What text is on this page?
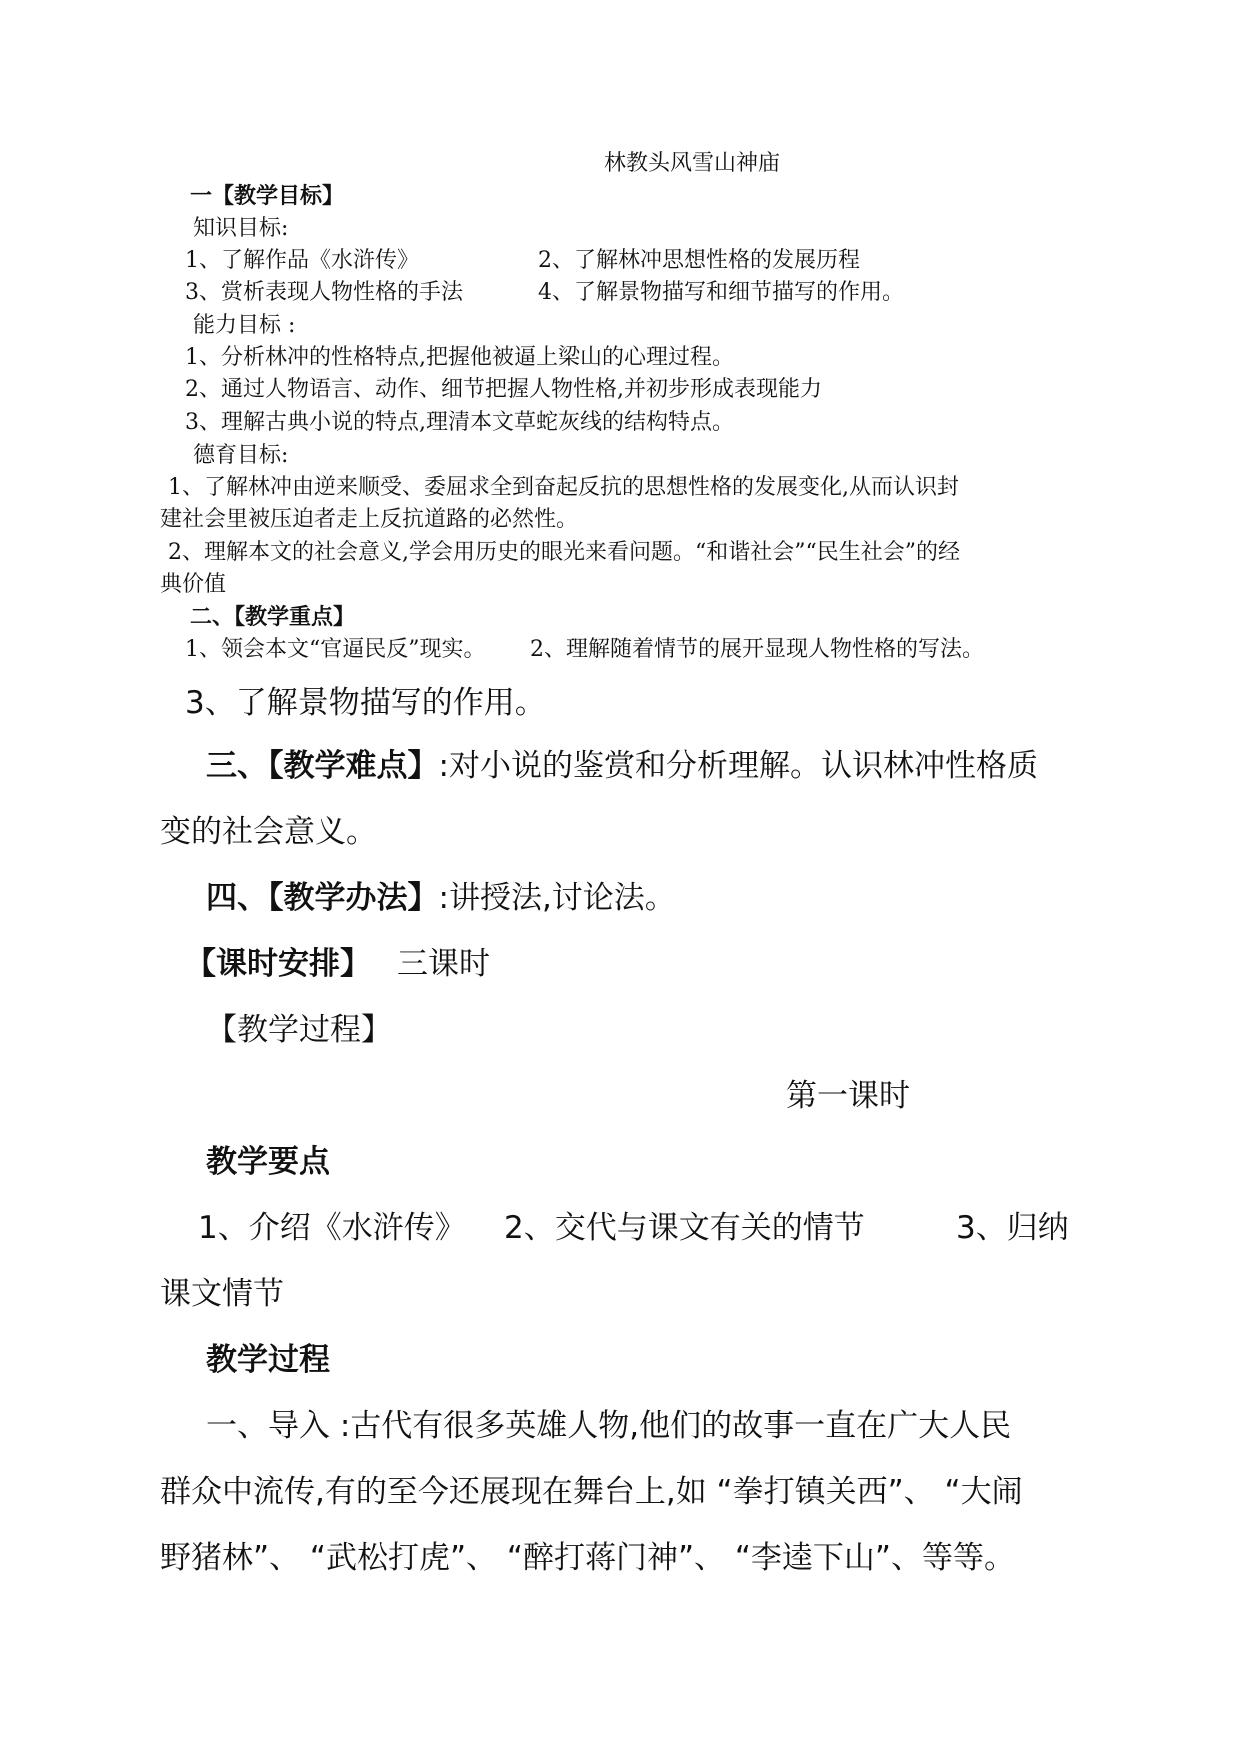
林教头风雪山神庙
一【教学目标】
知识目标:
1、了解作品《水浒传》	2、了解林冲思想性格的发展历程
3、赏析表现人物性格的手法	4、了解景物描写和细节描写的作用。
能力目标 :
1、分析林冲的性格特点,把握他被逼上梁山的心理过程。
2、通过人物语言、动作、细节把握人物性格,并初步形成表现能力
3、理解古典小说的特点,理清本文草蛇灰线的结构特点。
德育目标:
1、了解林冲由逆来顺受、委屈求全到奋起反抗的思想性格的发展变化,从而认识封
建社会里被压迫者走上反抗道路的必然性。
2、理解本文的社会意义,学会用历史的眼光来看问题。“和谐社会”“民生社会”的经
典价值
二、【教学重点】
1、领会本文“官逼民反”现实。 2、理解随着情节的展开显现人物性格的写法。
3、了解景物描写的作用。
三、【教学难点】:对小说的鉴赏和分析理解。认识林冲性格质
变的社会意义。
四、【教学办法】:讲授法,讨论法。
【课时安排】 三课时
【教学过程】
第一课时
教学要点
1、介绍《水浒传》 2、交代与课文有关的情节	3、归纳
课文情节
教学过程
一、导入 :古代有很多英雄人物,他们的故事一直在广大人民
群众中流传,有的至今还展现在舞台上,如 “拳打镇关西”、 “大闹
野猪林”、 “武松打虎”、 “醉打蒋门神”、 “李逵下山”、等等。
